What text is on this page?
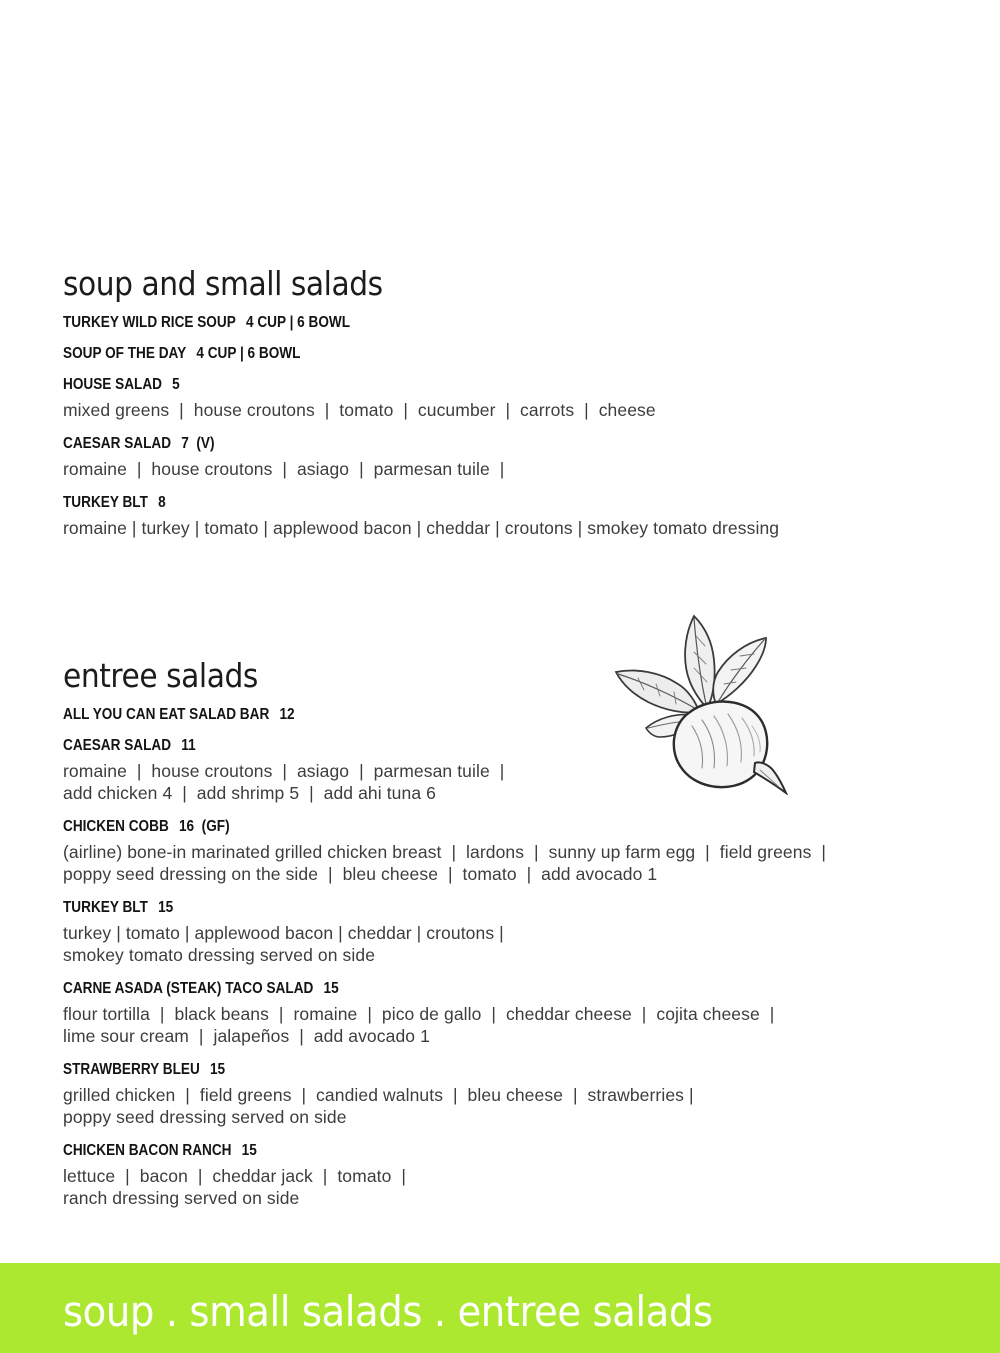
soup and small salads
TURKEY WILD RICE SOUP 4 CUP | 6 BOWL
SOUP OF THE DAY 4 CUP | 6 BOWL
HOUSE SALAD 5
mixed greens  |  house croutons  |  tomato  |  cucumber  |  carrots  |  cheese
CAESAR SALAD 7  (V)
romaine  |  house croutons  |  asiago  |  parmesan tuile  |
TURKEY BLT 8
romaine | turkey | tomato | applewood bacon | cheddar | croutons | smokey tomato dressing
entree salads
ALL YOU CAN EAT SALAD BAR 12
CAESAR SALAD 11
romaine  |  house croutons  |  asiago  |  parmesan tuile  |
add chicken 4  |  add shrimp 5  |  add ahi tuna 6
CHICKEN COBB 16  (GF)
(airline) bone-in marinated grilled chicken breast  |  lardons  |  sunny up farm egg  |  field greens  |
poppy seed dressing on the side  |  bleu cheese  |  tomato  |  add avocado 1
TURKEY BLT 15
turkey | tomato | applewood bacon | cheddar | croutons |
smokey tomato dressing served on side
CARNE ASADA (STEAK) TACO SALAD 15
flour tortilla  |  black beans  |  romaine  |  pico de gallo  |  cheddar cheese  |  cojita cheese  |
lime sour cream  |  jalapeños  |  add avocado 1
STRAWBERRY BLEU 15
grilled chicken  |  field greens  |  candied walnuts  |  bleu cheese  |  strawberries |
poppy seed dressing served on side
CHICKEN BACON RANCH 15
lettuce  |  bacon  |  cheddar jack  |  tomato  |
ranch dressing served on side
soup . small salads . entree salads
